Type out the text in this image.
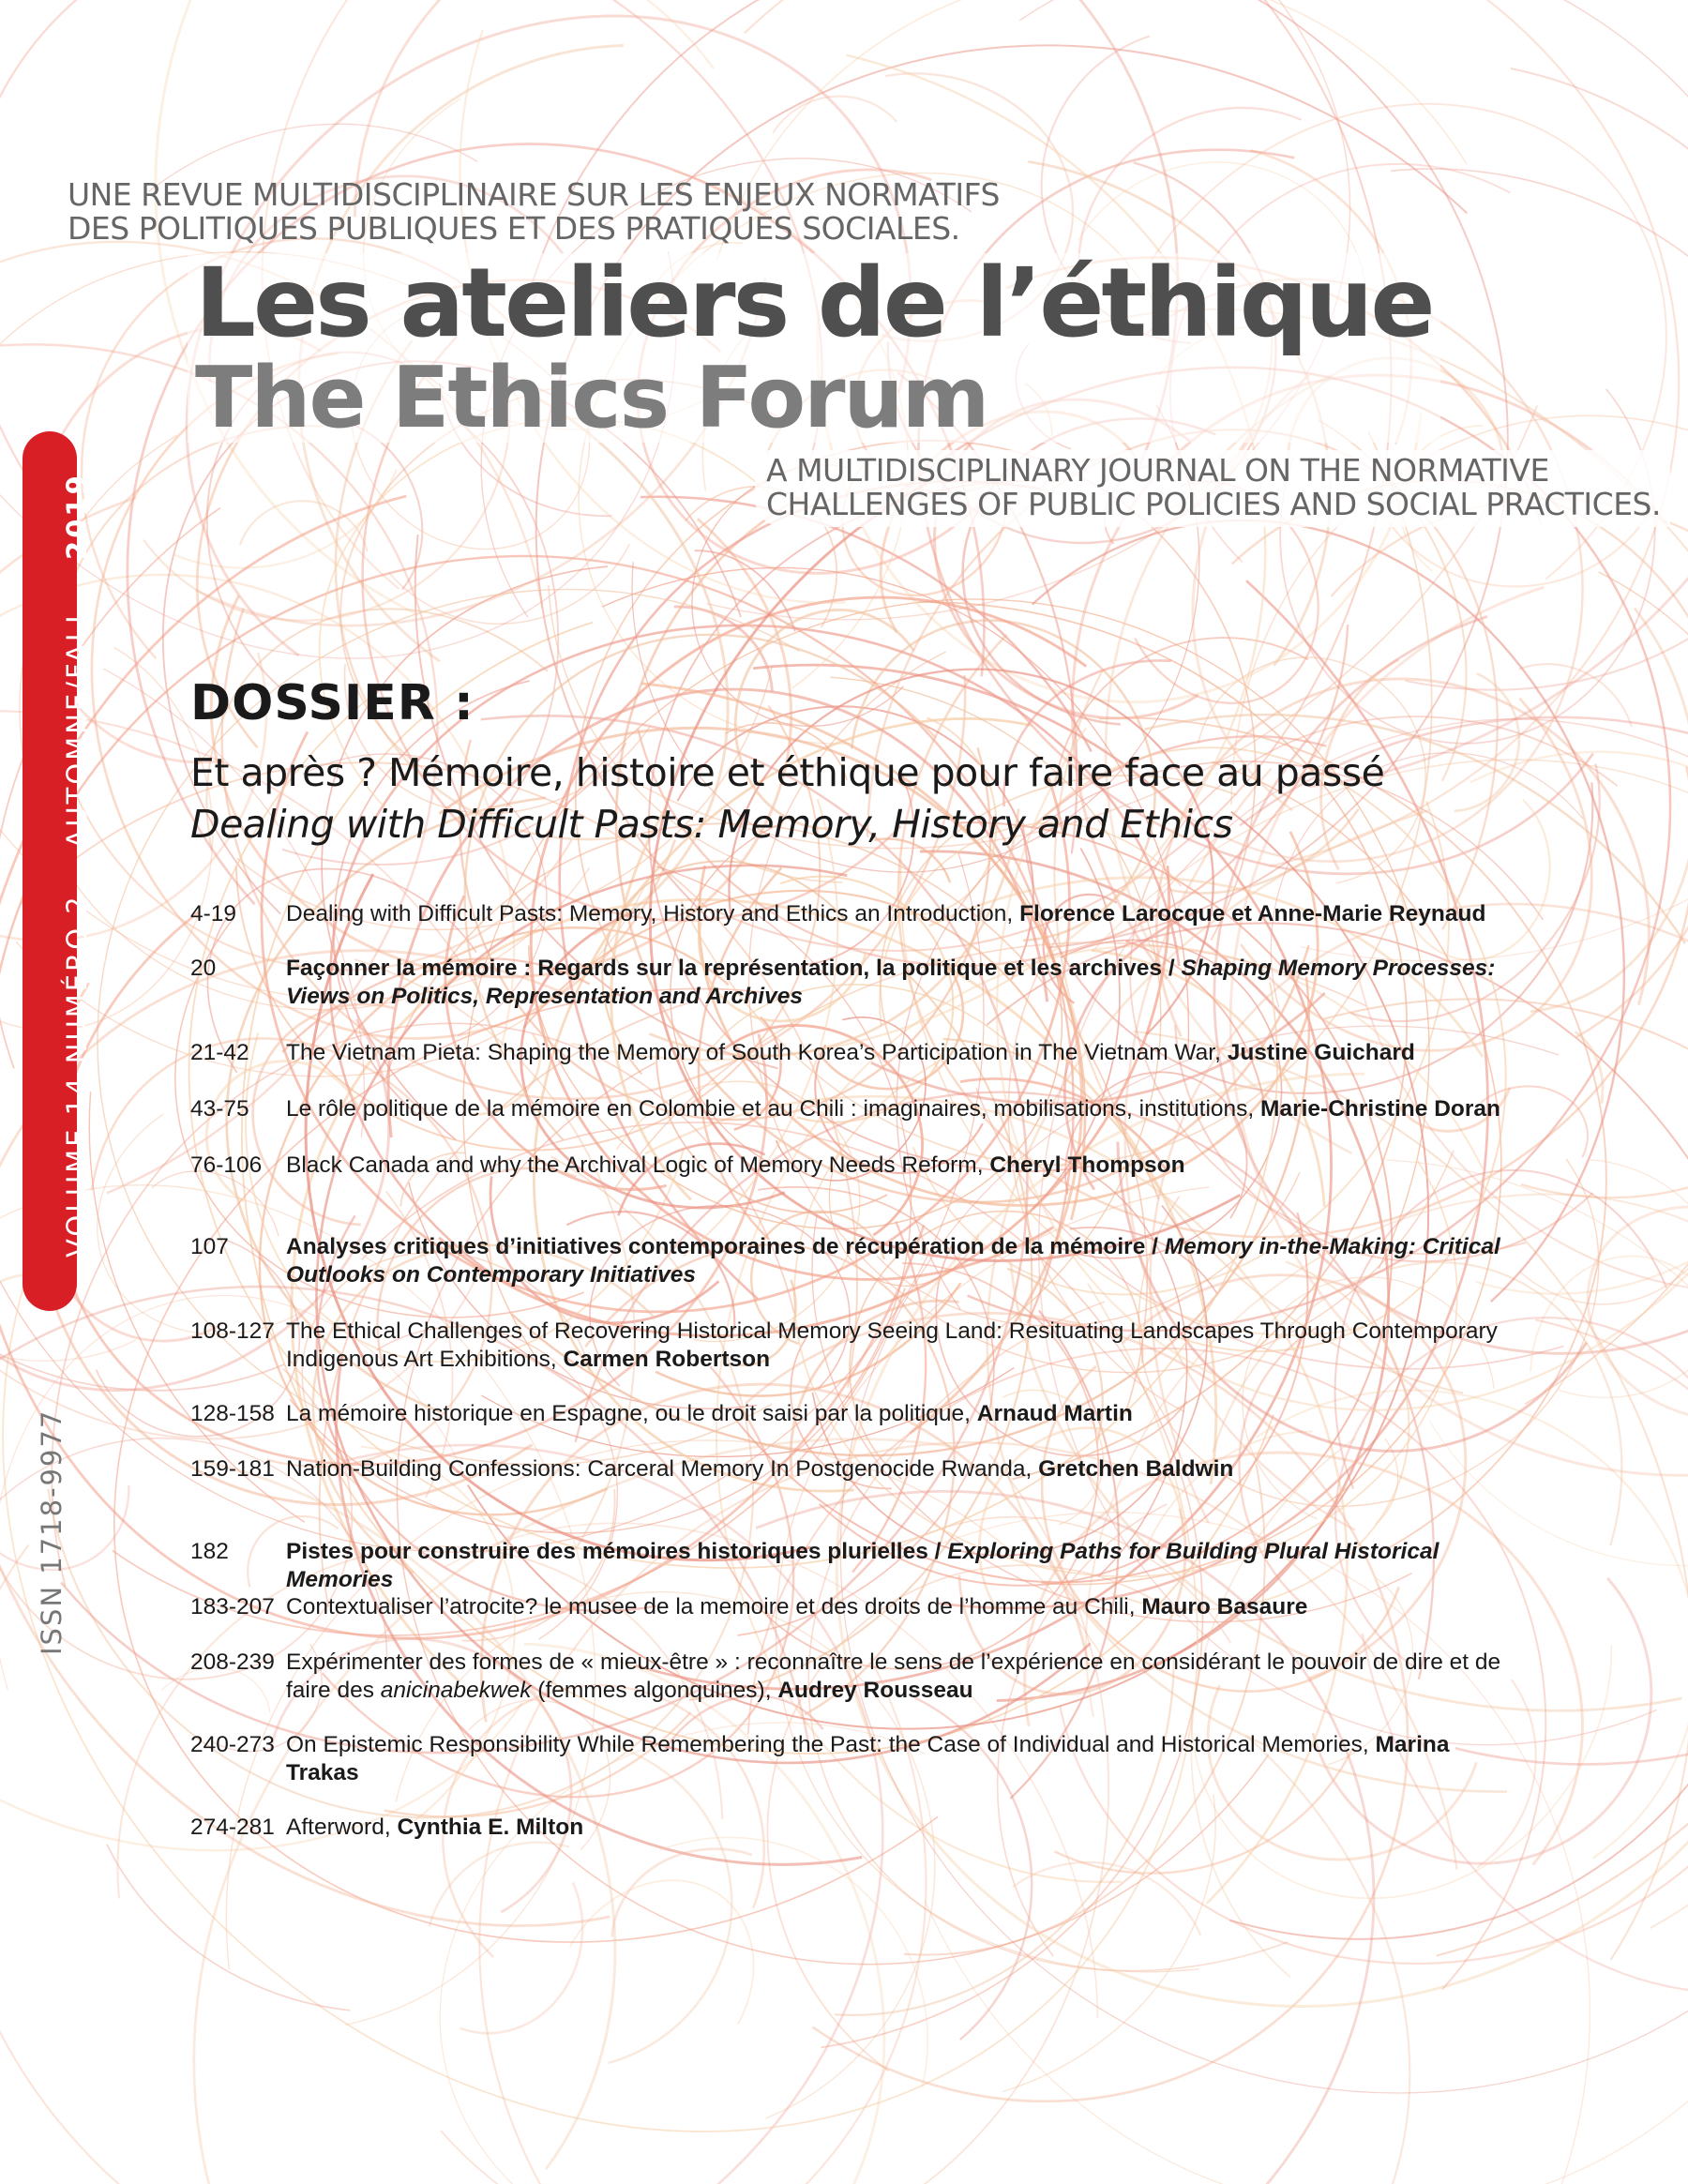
UNE REVUE MULTIDISCIPLINAIRE SUR LES ENJEUX NORMATIFS
DES POLITIQUES PUBLIQUES ET DES PRATIQUES SOCIALES.
Les ateliers de l’éthique
The Ethics Forum
A MULTIDISCIPLINARY JOURNAL ON THE NORMATIVE
CHALLENGES OF PUBLIC POLICIES AND SOCIAL PRACTICES.
VOLUME 14 NUMÉRO 2    AUTOMNE/FALL    2019
ISSN 1718-9977
DOSSIER :
Et après ? Mémoire, histoire et éthique pour faire face au passé
Dealing with Difficult Pasts: Memory, History and Ethics
4-19	Dealing with Difficult Pasts: Memory, History and Ethics an Introduction, Florence Larocque et Anne-Marie Reynaud
20	Façonner la mémoire : Regards sur la représentation, la politique et les archives / Shaping Memory Processes: Views on Politics, Representation and Archives
21-42	The Vietnam Pieta: Shaping the Memory of South Korea’s Participation in The Vietnam War, Justine Guichard
43-75	Le rôle politique de la mémoire en Colombie et au Chili : imaginaires, mobilisations, institutions, Marie-Christine Doran
76-106	Black Canada and why the Archival Logic of Memory Needs Reform, Cheryl Thompson
107	Analyses critiques d’initiatives contemporaines de récupération de la mémoire / Memory in-the-Making: Critical Outlooks on Contemporary Initiatives
108-127 The Ethical Challenges of Recovering Historical Memory Seeing Land: Resituating Landscapes Through Contemporary Indigenous Art Exhibitions, Carmen Robertson
128-158 La mémoire historique en Espagne, ou le droit saisi par la politique, Arnaud Martin
159-181 Nation-Building Confessions: Carceral Memory In Postgenocide Rwanda, Gretchen Baldwin
182	Pistes pour construire des mémoires historiques plurielles / Exploring Paths for Building Plural Historical Memories
183-207 Contextualiser l’atrocite? le musee de la memoire et des droits de l’homme au Chili, Mauro Basaure
208-239 Expérimenter des formes de « mieux-être » : reconnaître le sens de l’expérience en considérant le pouvoir de dire et de faire des anicinabekwek (femmes algonquines), Audrey Rousseau
240-273 On Epistemic Responsibility While Remembering the Past: the Case of Individual and Historical Memories, Marina Trakas
274-281 Afterword, Cynthia E. Milton
